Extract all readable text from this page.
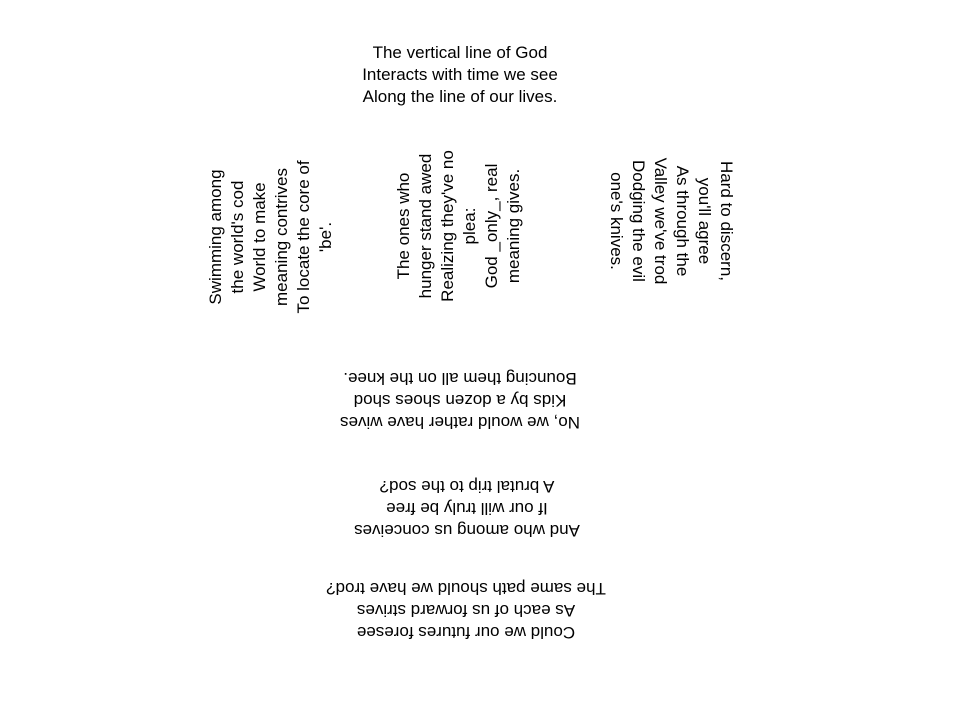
The vertical line of God
Interacts with time we see
Along the line of our lives.
Swimming among the world's cod World to make meaning contrives To locate the core of 'be'.	The ones who hunger stand awed Realizing they've no plea: God _only_, real meaning gives.	Hard to discern,
you'll agree
As through the
Valley we've trod
Dodging the evil
one's knives.
No, we would rather have wives
Kids by a dozen shoes shod
Bouncing them all on the knee.
And who among us conceives
If our will truly be free
A brutal trip to the sod?
Could we our futures foresee
As each of us forward strives
The same path should we have trod?
